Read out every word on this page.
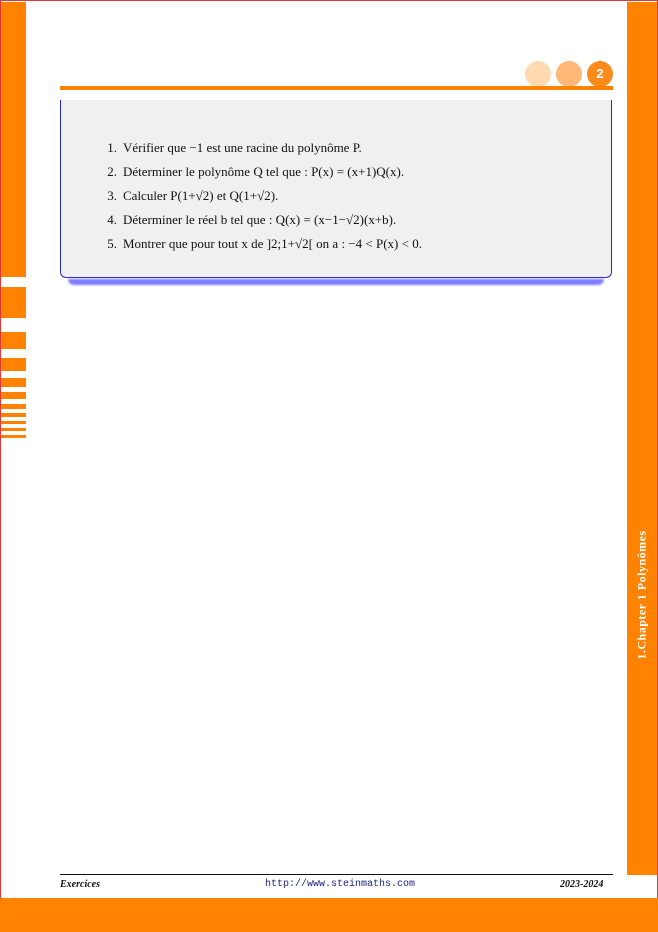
2
1. Vérifier que −1 est une racine du polynôme P.
2. Déterminer le polynôme Q tel que : P(x) = (x+1)Q(x).
3. Calculer P(1+√2) et Q(1+√2).
4. Déterminer le réel b tel que : Q(x) = (x−1−√2)(x+b).
5. Montrer que pour tout x de ]2;1+√2[ on a : −4 < P(x) < 0.
1.Chapter 1 Polynômes
Exercices	http://www.steinmaths.com	2023-2024
